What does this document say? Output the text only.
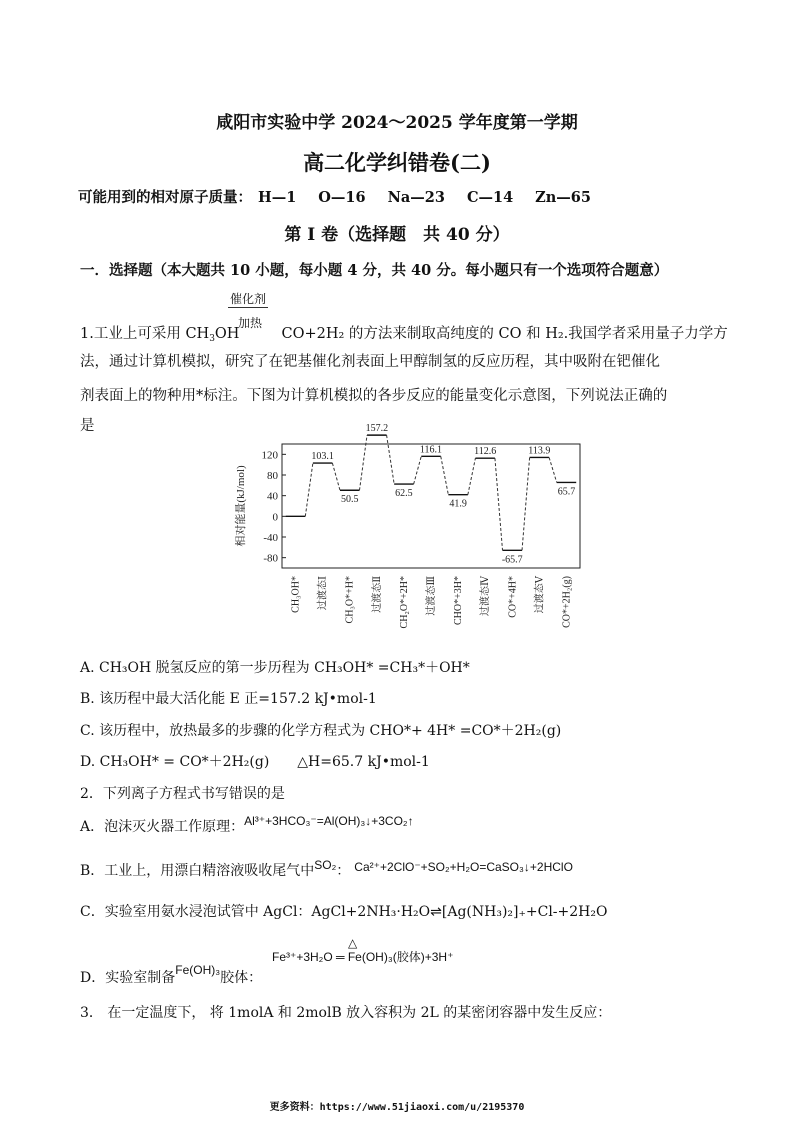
咸阳市实验中学 2024～2025 学年度第一学期
高二化学纠错卷(二)
可能用到的相对原子质量： H—1 O—16 Na—23 C—14 Zn—65
第 I 卷（选择题　共 40 分）
一．选择题（本大题共 10 小题，每小题 4 分，共 40 分。每小题只有一个选项符合题意）
催化剂
加热
1.工业上可采用 $CH_3OH$	CO+2H₂ 的方法来制取高纯度的 CO 和 H₂.我国学者采用量子力学方
法，通过计算机模拟，研究了在钯基催化剂表面上甲醇制氢的反应历程，其中吸附在钯催化
剂表面上的物种用*标注。下图为计算机模拟的各步反应的能量变化示意图，下列说法正确的
是
120
80
40
0
-40
-80
相对能量(kJ/mol)
103.1
50.5
157.2
62.5
116.1
41.9
112.6
-65.7
113.9
65.7
CH₃OH* 过渡态Ⅰ CH₃O*+H* 过渡态Ⅱ CH₂O*+2H* 过渡态Ⅲ CHO*+3H* 过渡态Ⅳ CO*+4H* 过渡态Ⅴ CO*+2H₂(g)
A. CH₃OH 脱氢反应的第一步历程为 CH₃OH* =CH₃*＋OH*
B. 该历程中最大活化能 E 正=157.2 kJ•mol-1
C. 该历程中，放热最多的步骤的化学方程式为 CHO*+ 4H* =CO*＋2H₂(g)
D. CH₃OH* = CO*＋2H₂(g) △H=65.7 kJ•mol-1
2．下列离子方程式书写错误的是
A．泡沫灭火器工作原理：Al³⁺+3HCO₃⁻=Al(OH)₃↓+3CO₂↑
B．工业上，用漂白精溶液吸收尾气中SO₂： Ca²⁺+2ClO⁻+SO₂+H₂O=CaSO₃↓+2HClO
C．实验室用氨水浸泡试管中 AgCl：AgCl+2NH₃·H₂O⇌[Ag(NH₃)₂]₊+Cl-+2H₂O
△
Fe³⁺+3H₂O ═ Fe(OH)₃(胶体)+3H⁺
D．实验室制备Fe(OH)₃胶体：
3． 在一定温度下， 将 1molA 和 2molB 放入容积为 2L 的某密闭容器中发生反应：
更多资料：https://www.51jiaoxi.com/u/2195370
